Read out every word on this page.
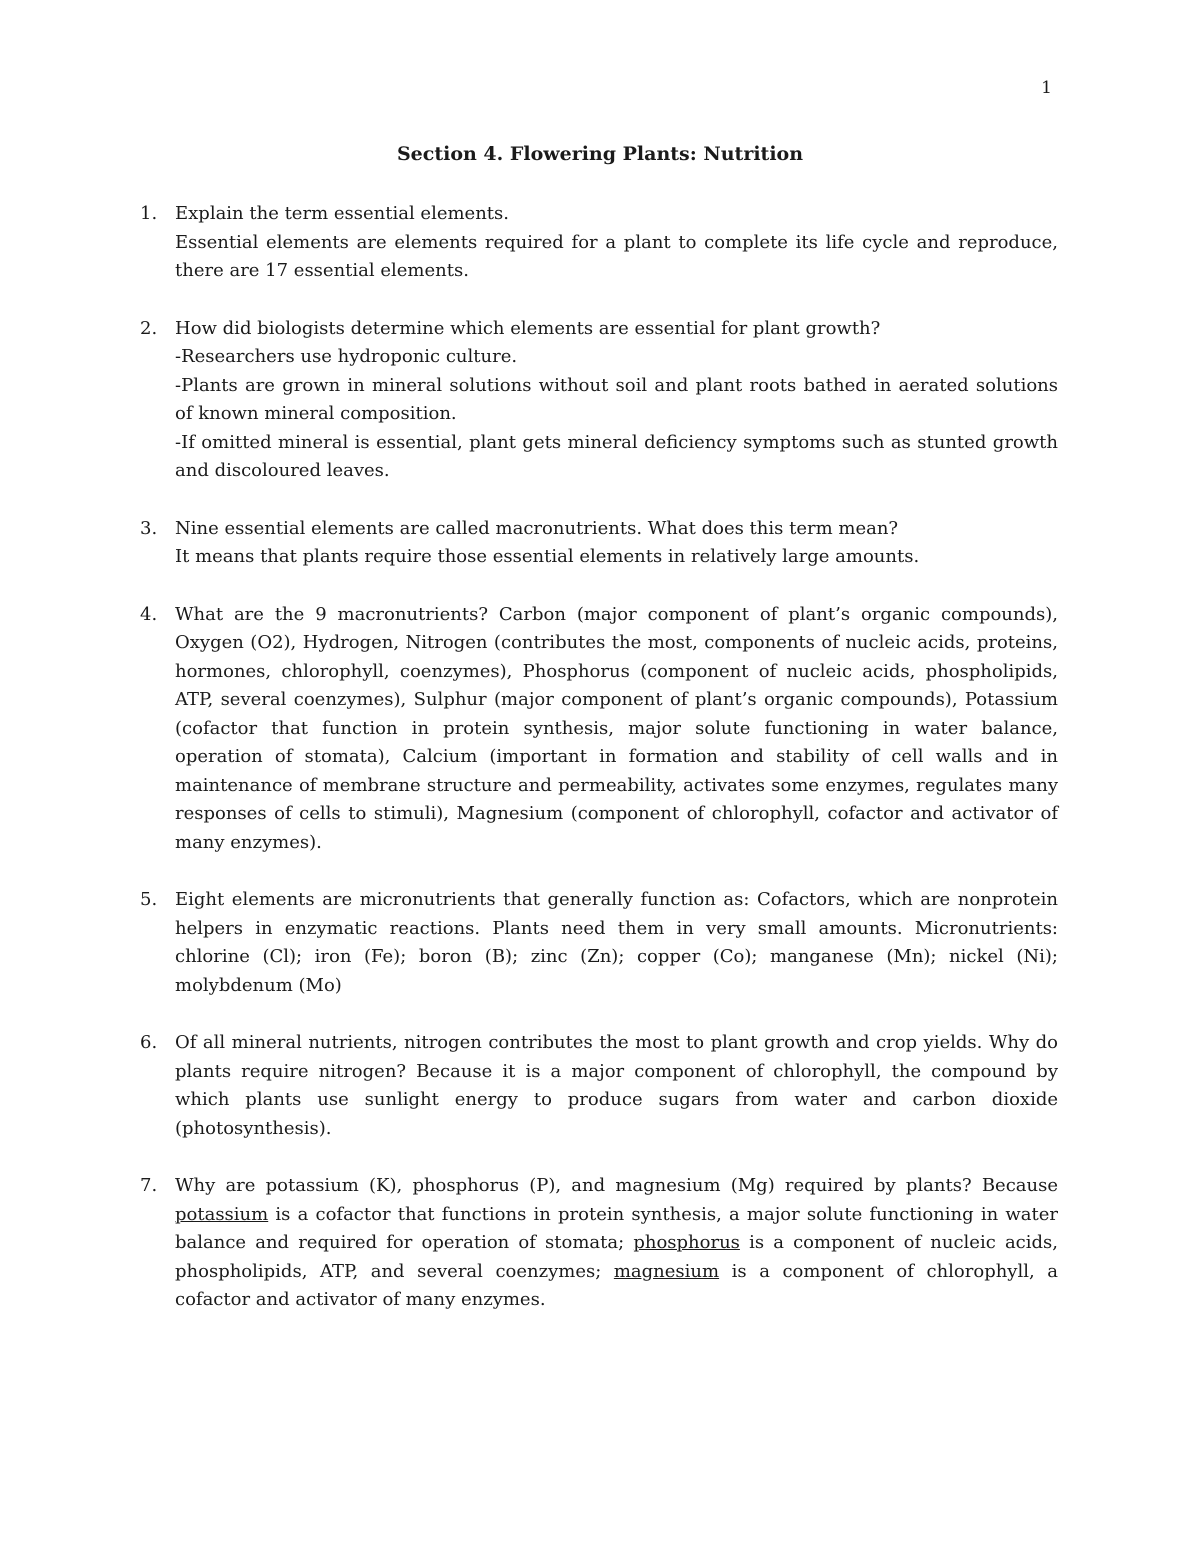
1
Section 4. Flowering Plants: Nutrition
1. Explain the term essential elements.
Essential elements are elements required for a plant to complete its life cycle and reproduce, there are 17 essential elements.
2. How did biologists determine which elements are essential for plant growth?
-Researchers use hydroponic culture.
-Plants are grown in mineral solutions without soil and plant roots bathed in aerated solutions of known mineral composition.
-If omitted mineral is essential, plant gets mineral deficiency symptoms such as stunted growth and discoloured leaves.
3. Nine essential elements are called macronutrients. What does this term mean?
It means that plants require those essential elements in relatively large amounts.
4. What are the 9 macronutrients? Carbon (major component of plant’s organic compounds), Oxygen (O2), Hydrogen, Nitrogen (contributes the most, components of nucleic acids, proteins, hormones, chlorophyll, coenzymes), Phosphorus (component of nucleic acids, phospholipids, ATP, several coenzymes), Sulphur (major component of plant’s organic compounds), Potassium (cofactor that function in protein synthesis, major solute functioning in water balance, operation of stomata), Calcium (important in formation and stability of cell walls and in maintenance of membrane structure and permeability, activates some enzymes, regulates many responses of cells to stimuli), Magnesium (component of chlorophyll, cofactor and activator of many enzymes).
5. Eight elements are micronutrients that generally function as: Cofactors, which are nonprotein helpers in enzymatic reactions. Plants need them in very small amounts. Micronutrients: chlorine (Cl); iron (Fe); boron (B); zinc (Zn); copper (Co); manganese (Mn); nickel (Ni); molybdenum (Mo)
6. Of all mineral nutrients, nitrogen contributes the most to plant growth and crop yields. Why do plants require nitrogen? Because it is a major component of chlorophyll, the compound by which plants use sunlight energy to produce sugars from water and carbon dioxide (photosynthesis).
7. Why are potassium (K), phosphorus (P), and magnesium (Mg) required by plants? Because potassium is a cofactor that functions in protein synthesis, a major solute functioning in water balance and required for operation of stomata; phosphorus is a component of nucleic acids, phospholipids, ATP, and several coenzymes; magnesium is a component of chlorophyll, a cofactor and activator of many enzymes.
